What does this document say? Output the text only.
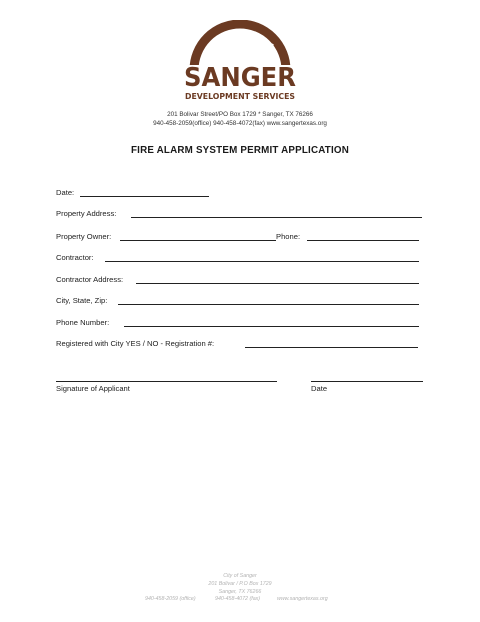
EST.	1886
SANGER
DEVELOPMENT SERVICES
201 Bolivar Street/PO Box 1729 * Sanger, TX 76266
940-458-2059(office) 940-458-4072(fax) www.sangertexas.org
FIRE ALARM SYSTEM PERMIT APPLICATION
Date:
Property Address:
Property Owner:	Phone:
Contractor:
Contractor Address:
City, State, Zip:
Phone Number:
Registered with City YES / NO - Registration #:
Signature of Applicant	Date
City of Sanger
201 Bolivar / P.O Box 1729
Sanger, TX 76266
940-458-2059 (office)	940-458-4072 (fax)	www.sangertexas.org
